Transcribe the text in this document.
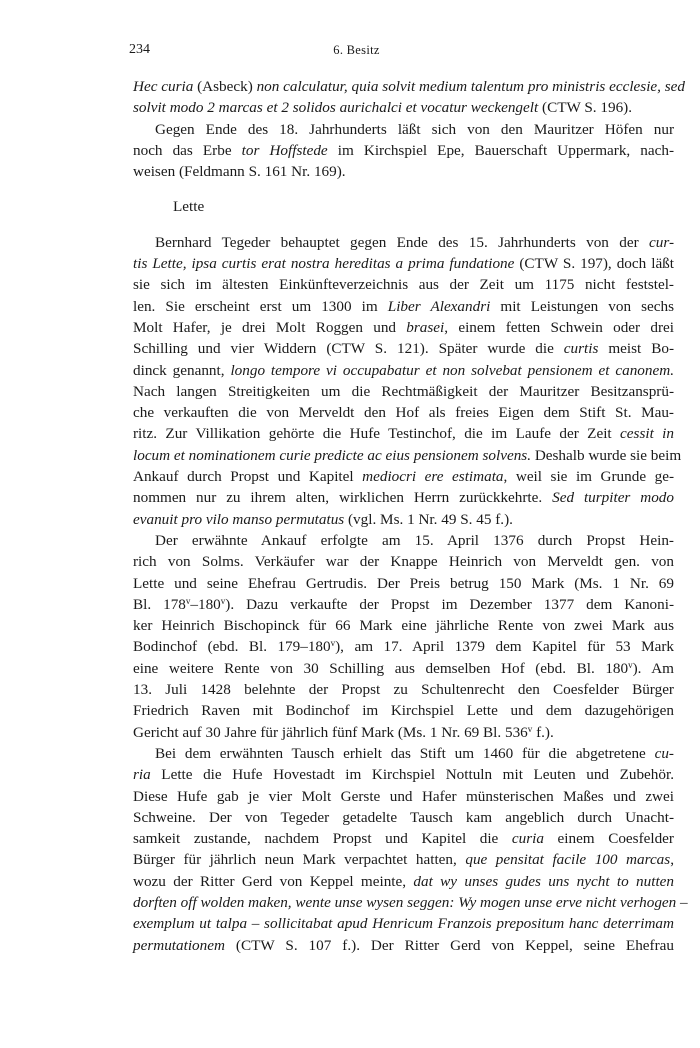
234	6. Besitz
Hec curia (Asbeck) non calculatur, quia solvit medium talentum pro ministris ecclesie, sed
solvit modo 2 marcas et 2 solidos aurichalci et vocatur weckengelt (CTW S. 196).
Gegen Ende des 18. Jahrhunderts läßt sich von den Mauritzer Höfen nur
noch das Erbe tor Hoffstede im Kirchspiel Epe, Bauerschaft Uppermark, nach-
weisen (Feldmann S. 161 Nr. 169).
Lette
Bernhard Tegeder behauptet gegen Ende des 15. Jahrhunderts von der cur-
tis Lette, ipsa curtis erat nostra hereditas a prima fundatione (CTW S. 197), doch läßt
sie sich im ältesten Einkünfteverzeichnis aus der Zeit um 1175 nicht feststel-
len. Sie erscheint erst um 1300 im Liber Alexandri mit Leistungen von sechs
Molt Hafer, je drei Molt Roggen und brasei, einem fetten Schwein oder drei
Schilling und vier Widdern (CTW S. 121). Später wurde die curtis meist Bo-
dinck genannt, longo tempore vi occupabatur et non solvebat pensionem et canonem.
Nach langen Streitigkeiten um die Rechtmäßigkeit der Mauritzer Besitzansprü-
che verkauften die von Merveldt den Hof als freies Eigen dem Stift St. Mau-
ritz. Zur Villikation gehörte die Hufe Testinchof, die im Laufe der Zeit cessit in
locum et nominationem curie predicte ac eius pensionem solvens. Deshalb wurde sie beim
Ankauf durch Propst und Kapitel mediocri ere estimata, weil sie im Grunde ge-
nommen nur zu ihrem alten, wirklichen Herrn zurückkehrte. Sed turpiter modo
evanuit pro vilo manso permutatus (vgl. Ms. 1 Nr. 49 S. 45 f.).
Der erwähnte Ankauf erfolgte am 15. April 1376 durch Propst Hein-
rich von Solms. Verkäufer war der Knappe Heinrich von Merveldt gen. von
Lette und seine Ehefrau Gertrudis. Der Preis betrug 150 Mark (Ms. 1 Nr. 69
Bl. 178$^v$–180$^v$). Dazu verkaufte der Propst im Dezember 1377 dem Kanoni-
ker Heinrich Bischopinck für 66 Mark eine jährliche Rente von zwei Mark aus
Bodinchof (ebd. Bl. 179–180$^v$), am 17. April 1379 dem Kapitel für 53 Mark
eine weitere Rente von 30 Schilling aus demselben Hof (ebd. Bl. 180$^v$). Am
13. Juli 1428 belehnte der Propst zu Schultenrecht den Coesfelder Bürger
Friedrich Raven mit Bodinchof im Kirchspiel Lette und dem dazugehörigen
Gericht auf 30 Jahre für jährlich fünf Mark (Ms. 1 Nr. 69 Bl. 536$^v$ f.).
Bei dem erwähnten Tausch erhielt das Stift um 1460 für die abgetretene cu-
ria Lette die Hufe Hovestadt im Kirchspiel Nottuln mit Leuten und Zubehör.
Diese Hufe gab je vier Molt Gerste und Hafer münsterischen Maßes und zwei
Schweine. Der von Tegeder getadelte Tausch kam angeblich durch Unacht-
samkeit zustande, nachdem Propst und Kapitel die curia einem Coesfelder
Bürger für jährlich neun Mark verpachtet hatten, que pensitat facile 100 marcas,
wozu der Ritter Gerd von Keppel meinte, dat wy unses gudes uns nycht to nutten
dorften off wolden maken, wente unse wysen seggen: Wy mogen unse erve nicht verhogen –
exemplum ut talpa – sollicitabat apud Henricum Franzois prepositum hanc deterrimam
permutationem (CTW S. 107 f.). Der Ritter Gerd von Keppel, seine Ehefrau
